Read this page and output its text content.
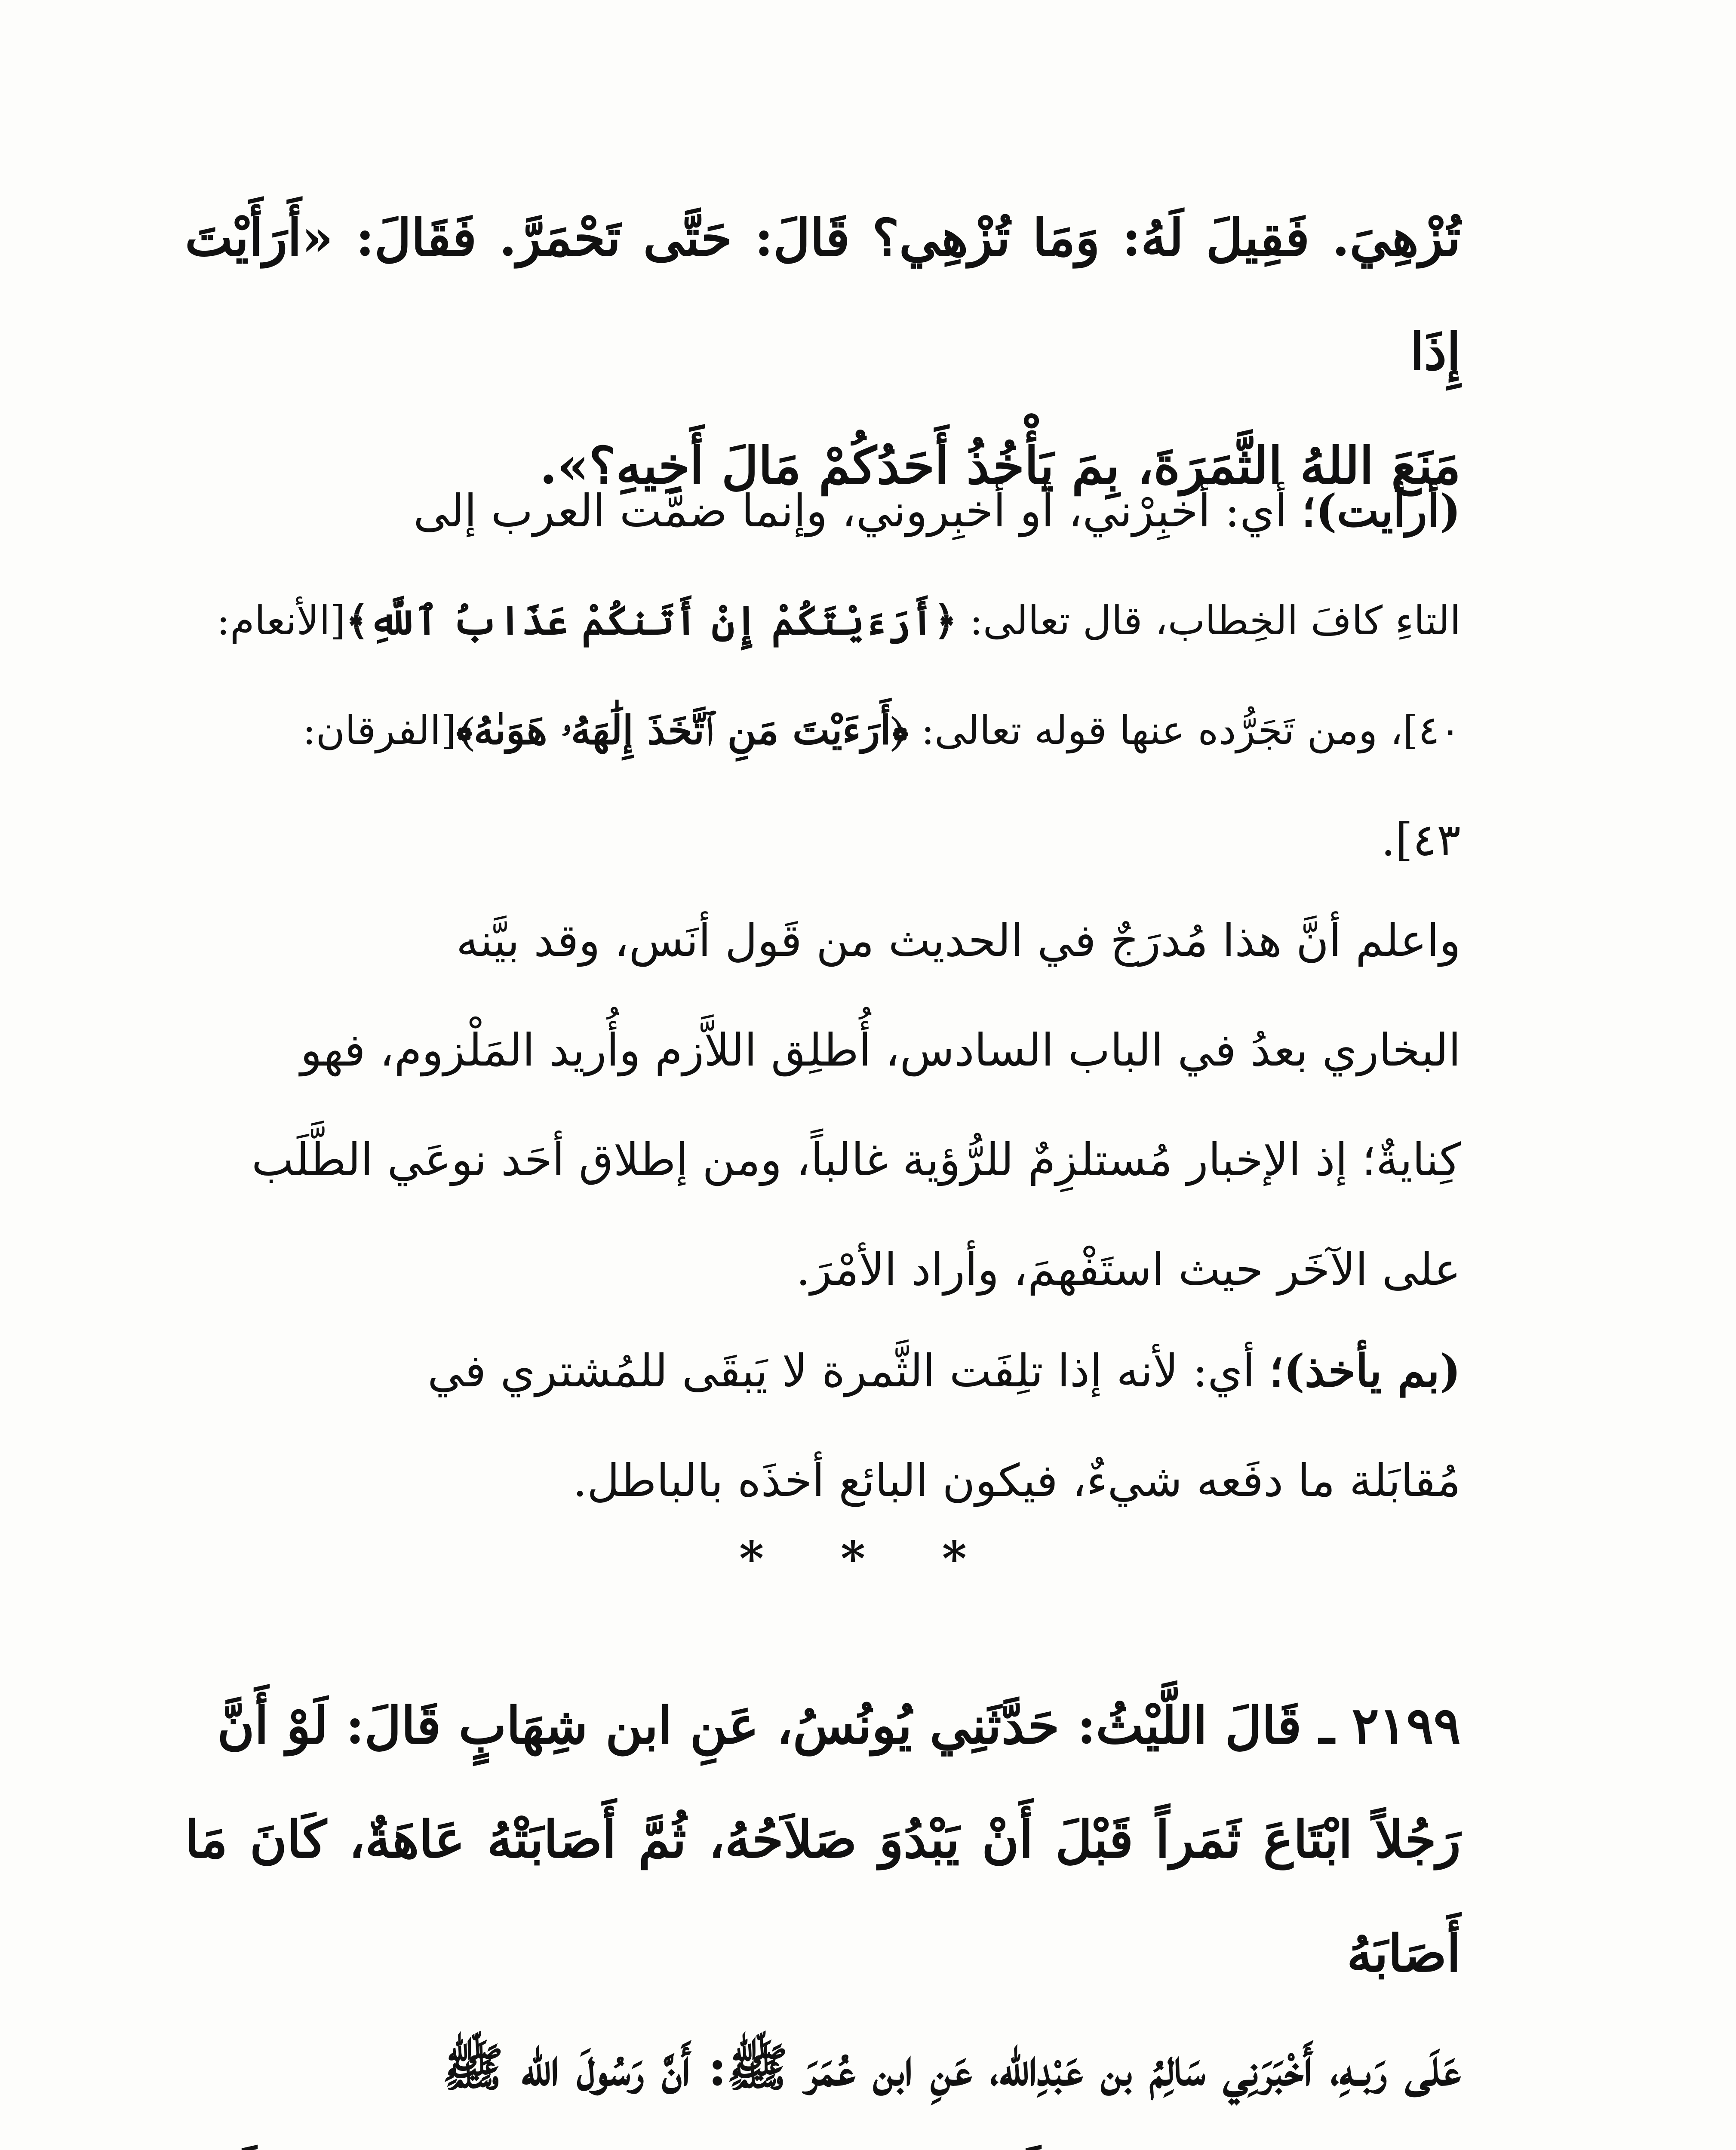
تُزْهِيَ. فَقِيلَ لَهُ: وَمَا تُزْهِي؟ قَالَ: حَتَّى تَحْمَرَّ. فَقَالَ: «أَرَأَيْتَ إِذَا

مَنَعَ اللهُ الثَّمَرَةَ، بِمَ يَأْخُذُ أَحَدُكُمْ مَالَ أَخِيهِ؟».

(أرأيت)؛ أي: أخبِرْني، أو أَخبِروني، وإنما ضمَّت العرب إلى

التاءِ كافَ الخِطاب، قال تعالى: ﴿أَرَءَيْتَكُمْ إِنْ أَتَنكُمْ عَذَابُ ٱللَّهِ﴾[الأنعام:

٤٠]، ومن تَجَرُّده عنها قوله تعالى: ﴿أَرَءَيْتَ مَنِ ٱتَّخَذَ إِلَٰهَهُۥ هَوَىٰهُ﴾[الفرقان:

٤٣].

واعلم أنَّ هذا مُدرَجٌ في الحديث من قَول أنَس، وقد بيَّنه

البخاري بعدُ في الباب السادس، أُطلِق اللاَّزم وأُريد المَلْزوم، فهو

كِنايةٌ؛ إذ الإخبار مُستلزِمٌ للرُّؤية غالباً، ومن إطلاق أحَد نوعَي الطَّلَب

على الآخَر حيث استَفْهمَ، وأراد الأمْرَ.

(بم يأخذ)؛ أي: لأنه إذا تلِفَت الثَّمرة لا يَبقَى للمُشتري في

مُقابَلة ما دفَعه شيءٌ، فيكون البائع أخذَه بالباطل.

* * *

٢١٩٩ ـ قَالَ اللَّيْثُ: حَدَّثَنِي يُونُسُ، عَنِ ابن شِهَابٍ قَالَ: لَوْ أَنَّ

رَجُلاً ابْتَاعَ ثَمَراً قَبْلَ أَنْ يَبْدُوَ صَلاَحُهُ، ثُمَّ أَصَابَتْهُ عَاهَةٌ، كَانَ مَا أَصَابَهُ

عَلَى رَبـهِ، أَخْبَرَنِي سَالِمُ بن عَبْدِالله، عَنِ ابن عُمَرَ ﷺ: أَنَّ رَسُولَ الله ﷺ
